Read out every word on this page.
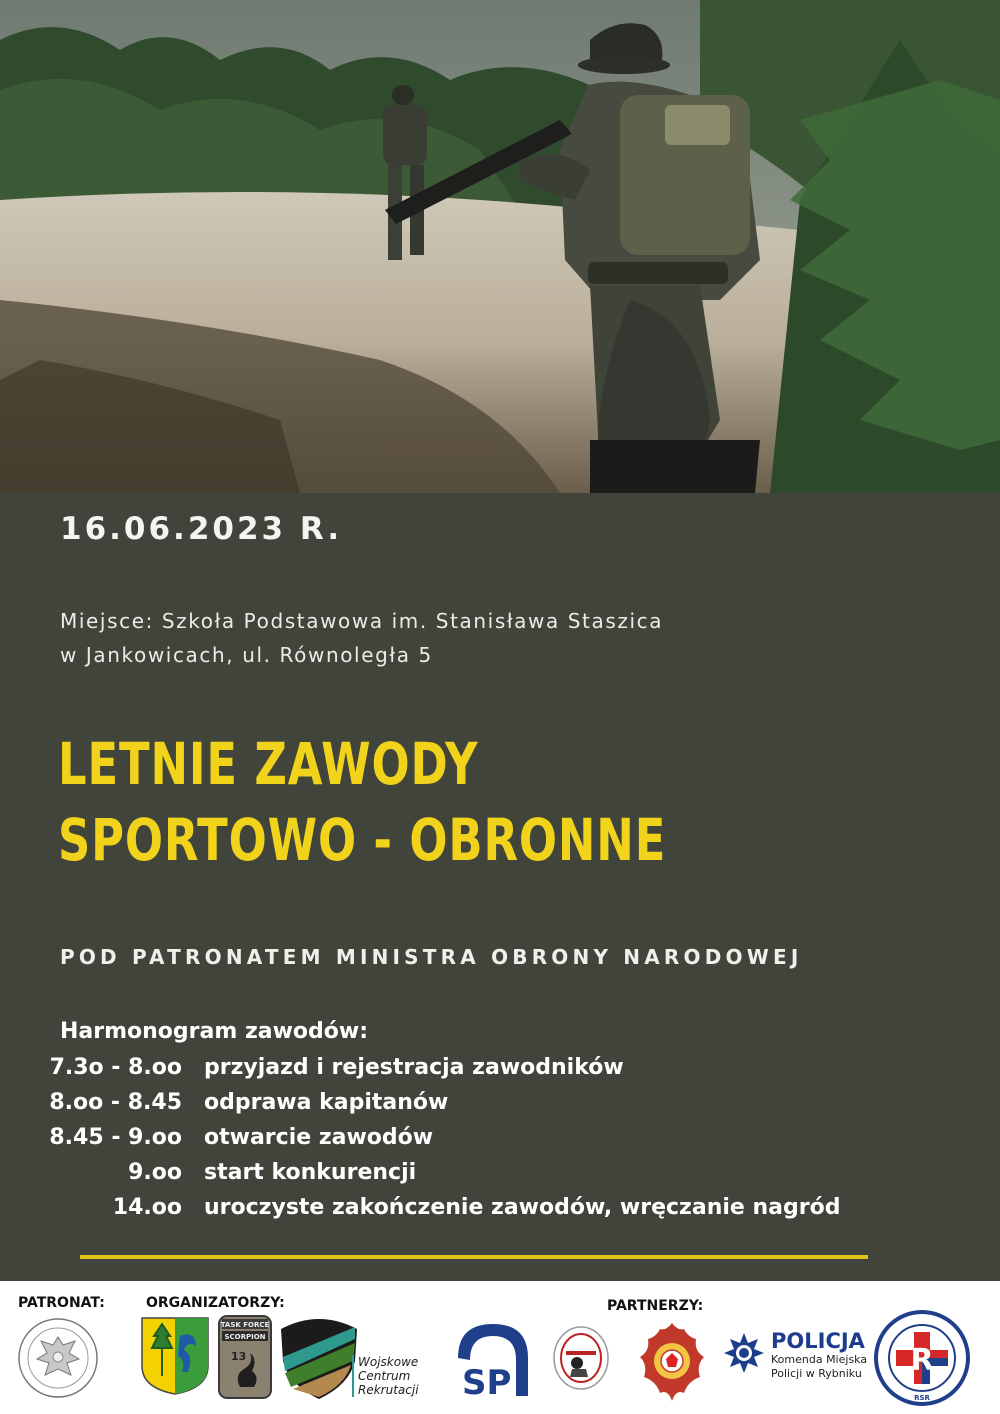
16.06.2023 R.
Miejsce: Szkoła Podstawowa im. Stanisława Staszica
w Jankowicach, ul. Równoległa 5
LETNIE ZAWODY
SPORTOWO - OBRONNE
POD PATRONATEM MINISTRA OBRONY NARODOWEJ
Harmonogram zawodów:
7.3o - 8.oo przyjazd i rejestracja zawodników
8.oo - 8.45 odprawa kapitanów
8.45 - 9.oo otwarcie zawodów
9.oo start konkurencji
14.oo uroczyste zakończenie zawodów, wręczanie nagród
PATRONAT:	ORGANIZATORZY:	PARTNERZY:
TASK FORCE
SCORPION
13	Wojskowe
Centrum
Rekrutacji SP
POLICJA
Komenda Miejska
Policji w Rybniku R
RSR
